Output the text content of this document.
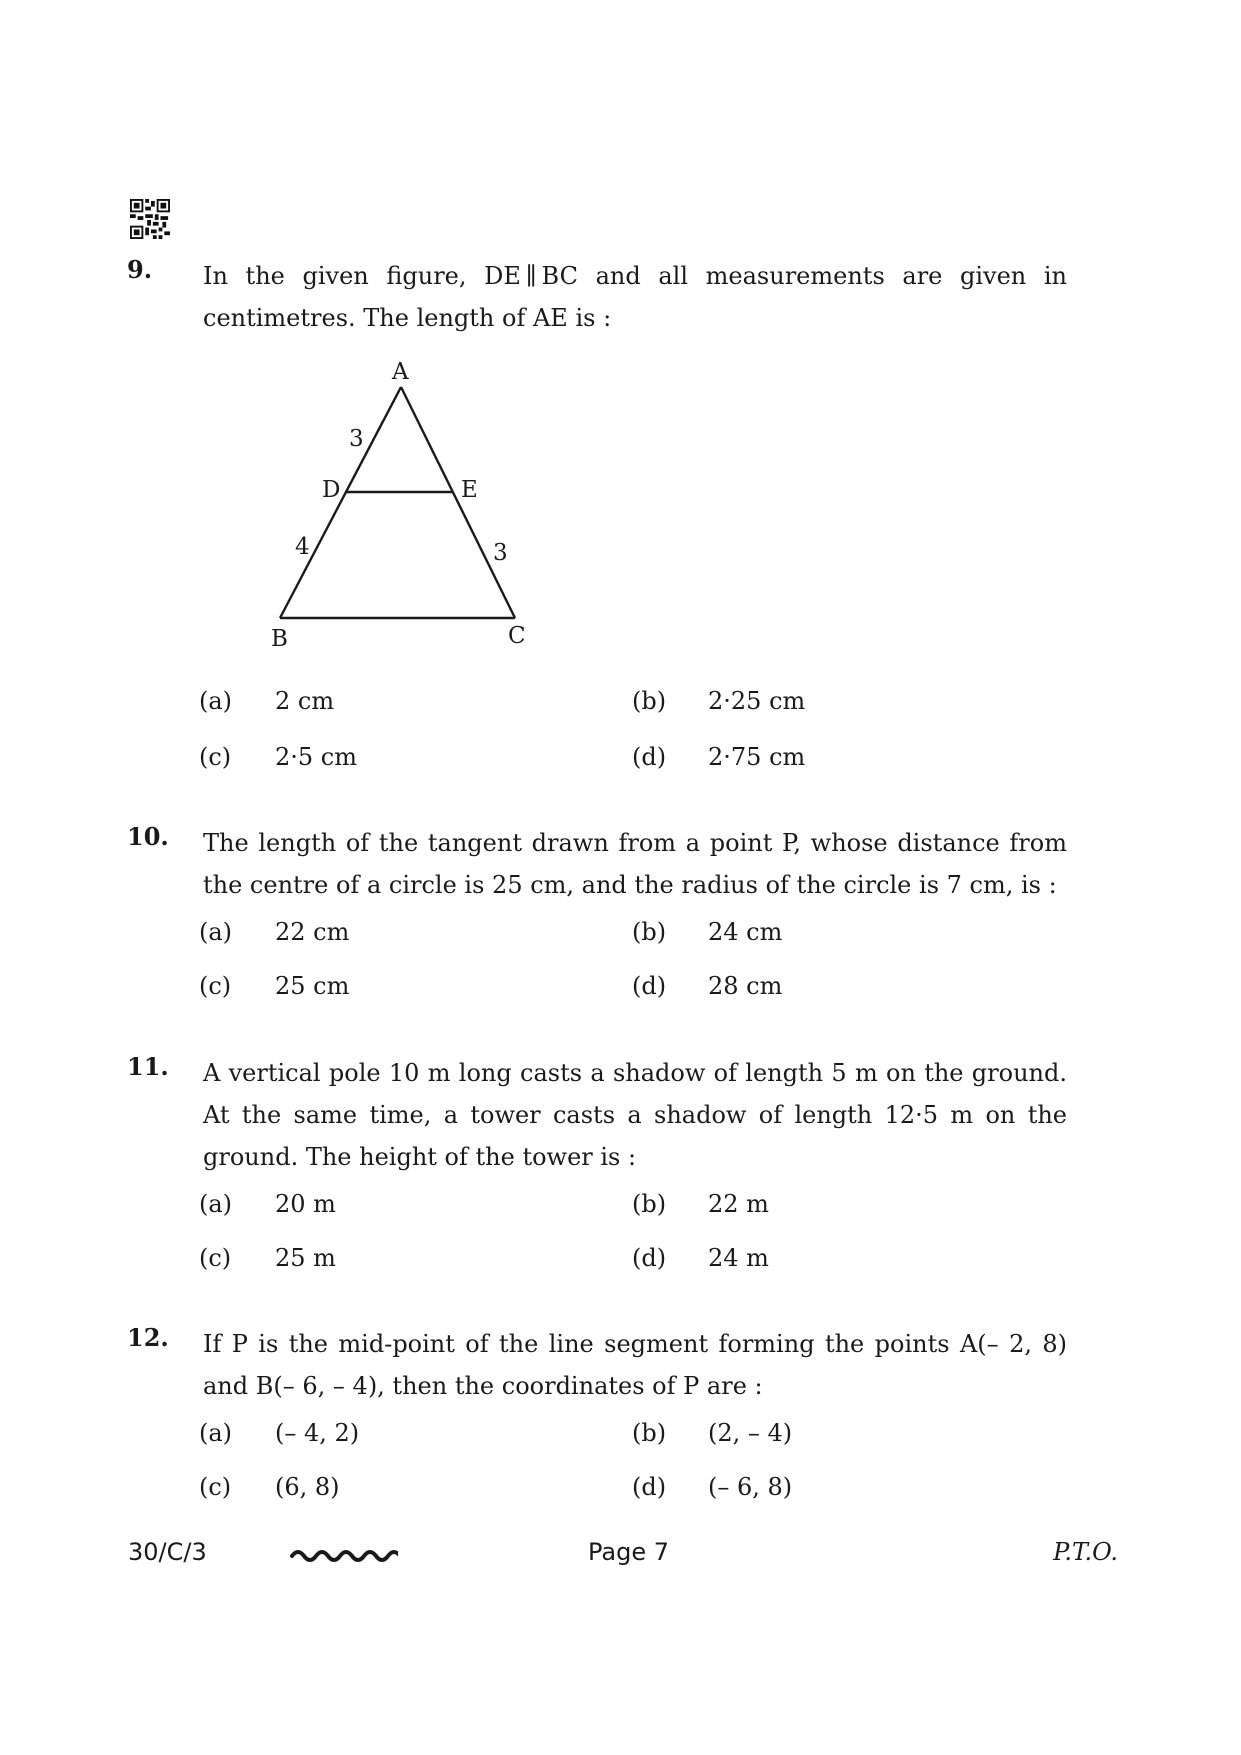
9. In the given figure, DE ∥ BC and all measurements are given in centimetres. The length of AE is :
(a) 2 cm	(b) 2·25 cm
(c) 2·5 cm	(d) 2·75 cm
A
D	E
B	C
3
4	3
10. The length of the tangent drawn from a point P, whose distance from the centre of a circle is 25 cm, and the radius of the circle is 7 cm, is :
(a) 22 cm	(b) 24 cm
(c) 25 cm	(d) 28 cm
11. A vertical pole 10 m long casts a shadow of length 5 m on the ground. At the same time, a tower casts a shadow of length 12·5 m on the ground. The height of the tower is :
(a) 20 m	(b) 22 m
(c) 25 m	(d) 24 m
12. If P is the mid-point of the line segment forming the points A(– 2, 8) and B(– 6, – 4), then the coordinates of P are :
(a) (– 4, 2)	(b) (2, – 4)
(c) (6, 8)	(d) (– 6, 8)
30/C/3	Page 7	P.T.O.
